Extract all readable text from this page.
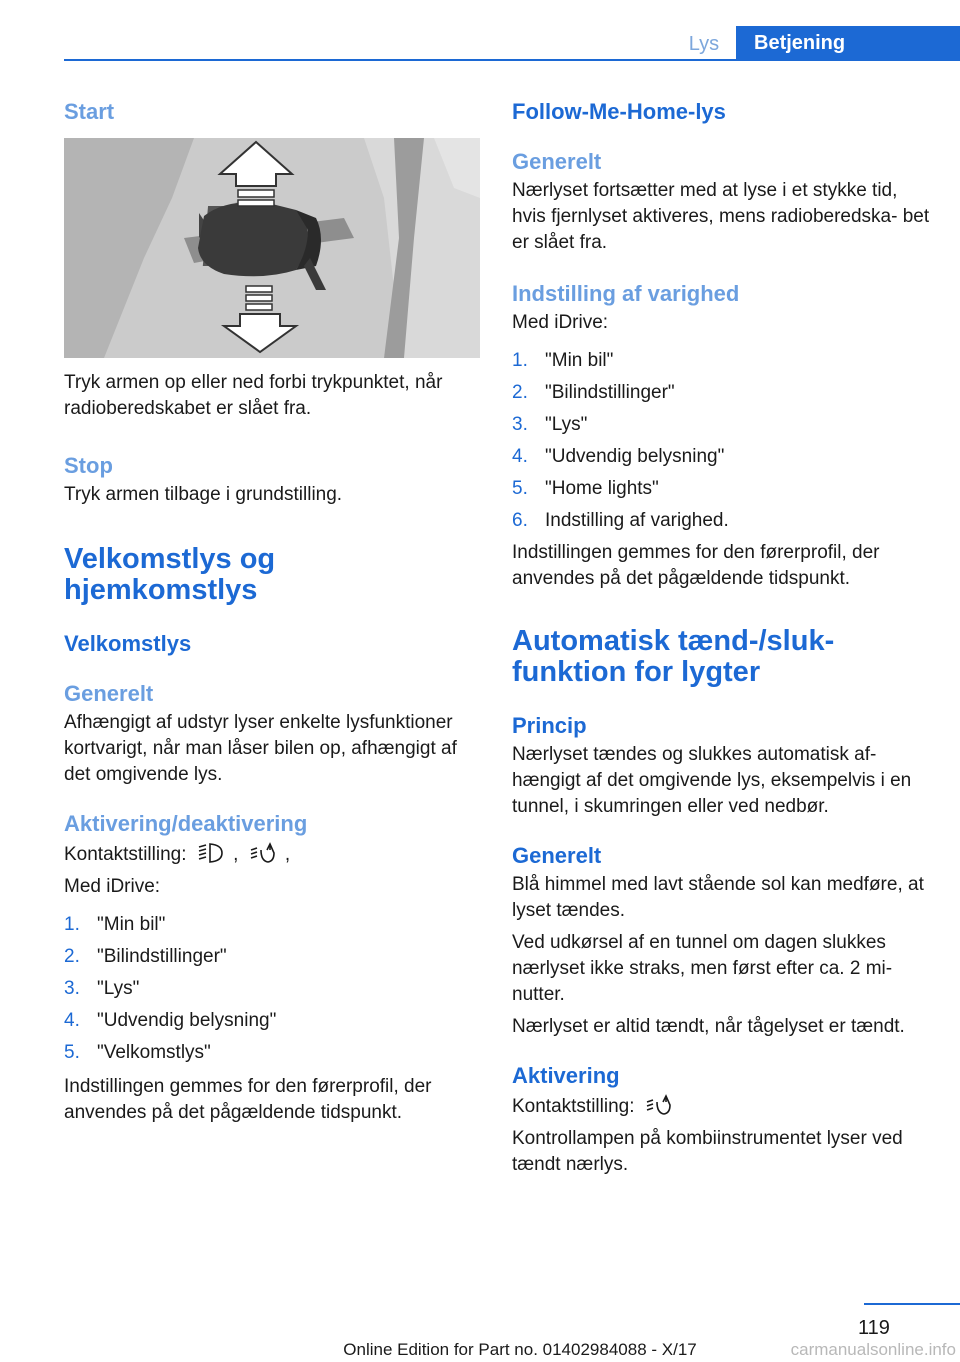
Lys	Betjening
Start

Tryk armen op eller ned forbi trykpunktet, når radioberedskabet er slået fra.

Stop

Tryk armen tilbage i grundstilling.

Velkomstlys og
hjemkomstlys
Velkomstlys
Generelt

Afhængigt af udstyr lyser enkelte lysfunktioner kortvarigt, når man låser bilen op, afhængigt af det omgivende lys.

Aktivering/deaktivering

Kontaktstilling: , ,

Med iDrive:

1. "Min bil"
2. "Bilindstillinger"
3. "Lys"
4. "Udvendig belysning"
5. "Velkomstlys"

Indstillingen gemmes for den førerprofil, der anvendes på det pågældende tidspunkt.

Follow-Me-Home-lys
Generelt

Nærlyset fortsætter med at lyse i et stykke tid, hvis fjernlyset aktiveres, mens radioberedska‐ bet er slået fra.

Indstilling af varighed

Med iDrive:

1. "Min bil"
2. "Bilindstillinger"
3. "Lys"
4. "Udvendig belysning"
5. "Home lights"
6. Indstilling af varighed.

Indstillingen gemmes for den førerprofil, der anvendes på det pågældende tidspunkt.

Automatisk tænd-/sluk‐
funktion for lygter
Princip

Nærlyset tændes og slukkes automatisk af‐ hængigt af det omgivende lys, eksempelvis i en tunnel, i skumringen eller ved nedbør.

Generelt

Blå himmel med lavt stående sol kan medføre, at lyset tændes.

Ved udkørsel af en tunnel om dagen slukkes nærlyset ikke straks, men først efter ca. 2 mi‐ nutter.

Nærlyset er altid tændt, når tågelyset er tændt.

Aktivering

Kontaktstilling:

Kontrollampen på kombiinstrumentet lyser ved tændt nærlys.

119
Online Edition for Part no. 01402984088 - X/17	carmanualsonline.info
